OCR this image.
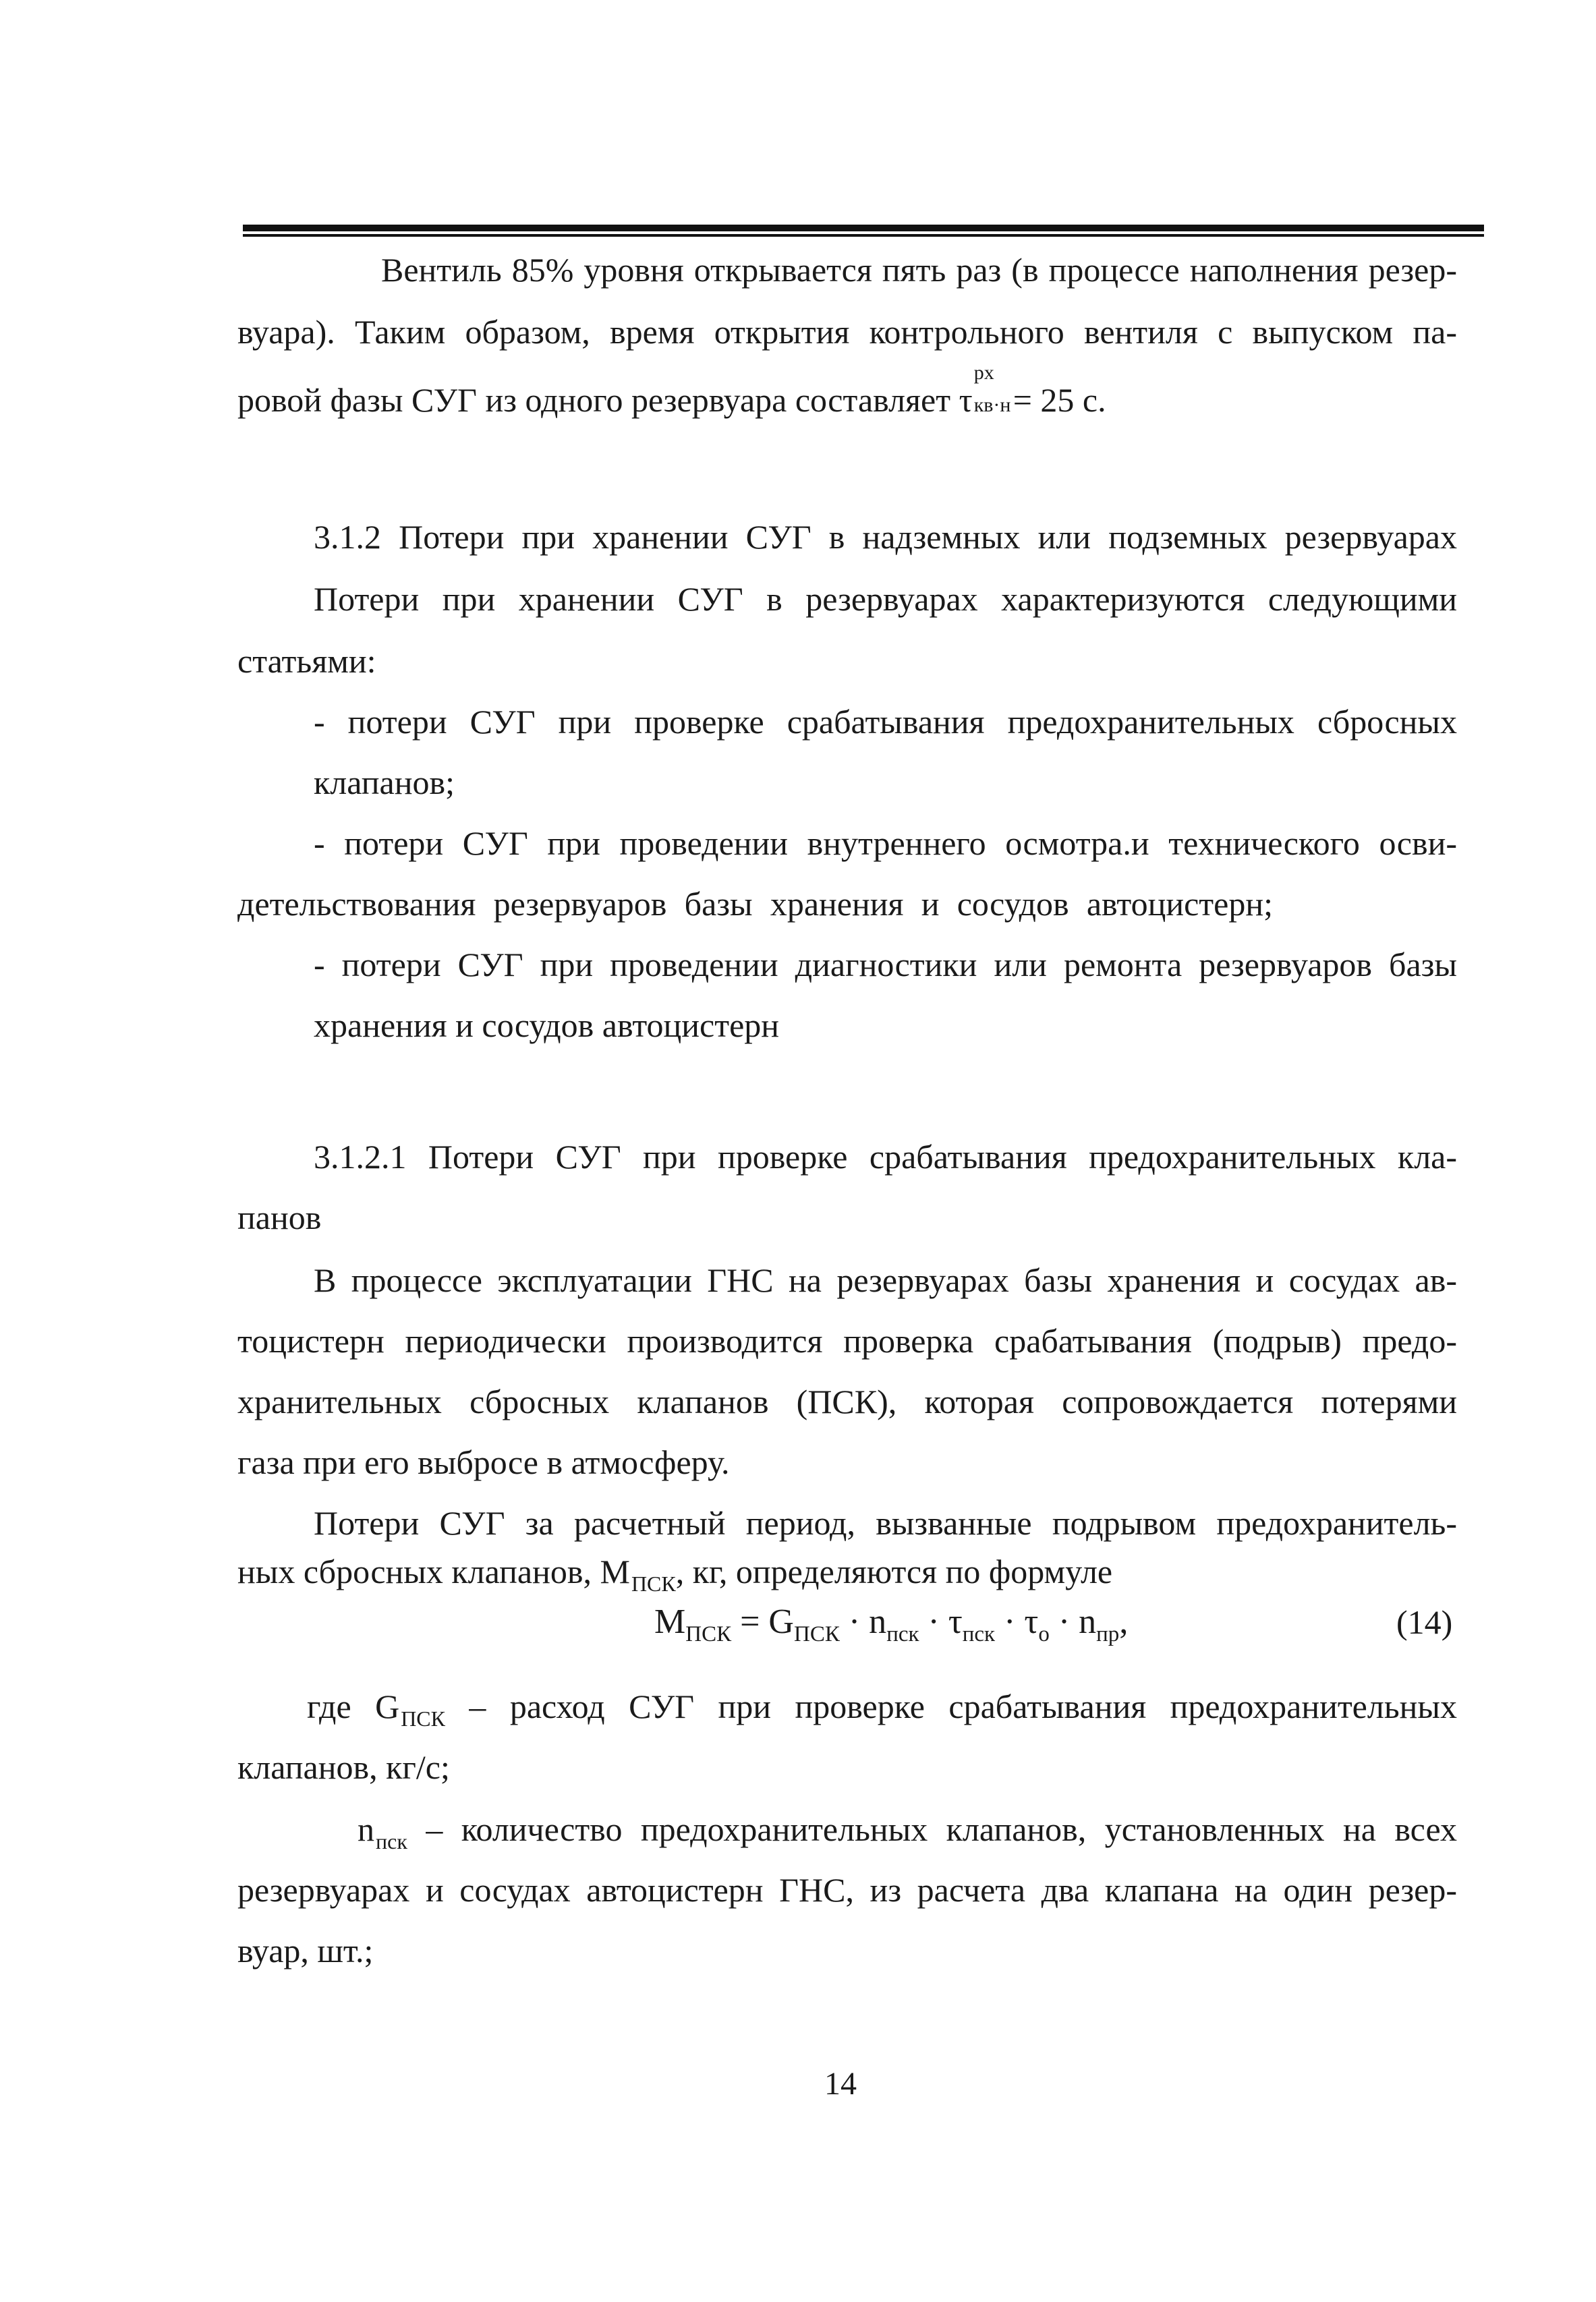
Вентиль 85% уровня открывается пять раз (в процессе наполнения резер-
вуара). Таким образом, время открытия контрольного вентиля с выпуском па-
ровой фазы СУГ из одного резервуара составляет τ
px
кв·н = 25 с.
3.1.2 Потери при хранении СУГ в надземных или подземных резервуарах
Потери при хранении СУГ в резервуарах характеризуются следующими
статьями:
- потери СУГ при проверке срабатывания предохранительных сбросных
клапанов;
- потери СУГ при проведении внутреннего осмотра.и технического осви-
детельствования резервуаров базы хранения и сосудов автоцистерн;
- потери СУГ при проведении диагностики или ремонта резервуаров базы
хранения и сосудов автоцистерн
3.1.2.1 Потери СУГ при проверке срабатывания предохранительных кла-
панов
В процессе эксплуатации ГНС на резервуарах базы хранения и сосудах ав-
тоцистерн периодически производится проверка срабатывания (подрыв) предо-
хранительных сбросных клапанов (ПСК), которая сопровождается потерями
газа при его выбросе в атмосферу.
Потери СУГ за расчетный период, вызванные подрывом предохранитель-
ных сбросных клапанов, $М_{ПСК}$, кг, определяются по формуле
$M_{ПСК} = G_{ПСК} \cdot n_{пск} \cdot \tau_{пск} \cdot \tau_о \cdot n_{пр}$,	(14)
где $G_{ПСК}$ – расход СУГ при проверке срабатывания предохранительных
клапанов, кг/с;
$n_{пск}$ – количество предохранительных клапанов, установленных на всех
резервуарах и сосудах автоцистерн ГНС, из расчета два клапана на один резер-
вуар, шт.;
14
